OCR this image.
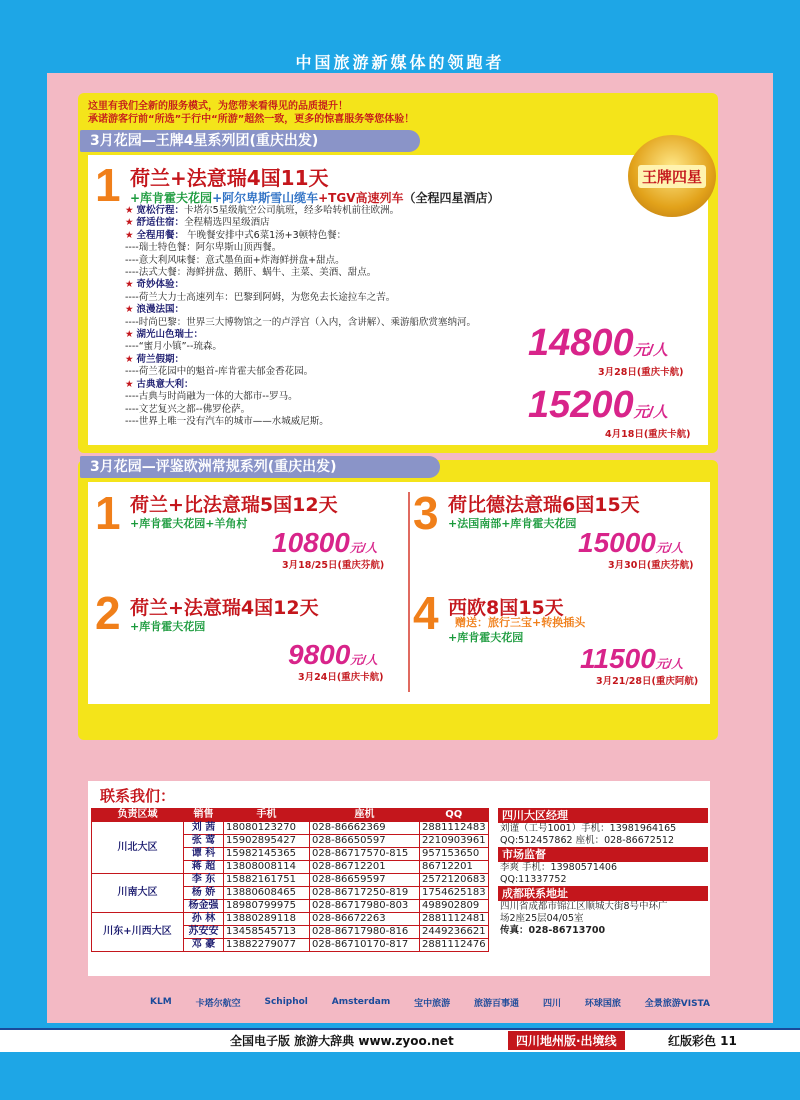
中国旅游新媒体的领跑者
这里有我们全新的服务模式，为您带来看得见的品质提升！
承诺游客行前“所选”于行中“所游”超然一致，更多的惊喜服务等您体验！
3月花园—王牌4星系列团(重庆出发)
王牌四星
1 荷兰+法意瑞4国11天
+库肯霍夫花园+阿尔卑斯雪山缆车+TGV高速列车（全程四星酒店）
★ 宽松行程：卡塔尔5星级航空公司航班，经多哈转机前往欧洲。
★ 舒适住宿：全程精选四星级酒店
★ 全程用餐： 午晚餐安排中式6菜1汤+3顿特色餐：
----瑞士特色餐：阿尔卑斯山顶西餐。
----意大利风味餐：意式墨鱼面+炸海鲜拼盘+甜点。
----法式大餐：海鲜拼盘、鹅肝、蜗牛、主菜、美酒、甜点。
★ 奇妙体验：
----荷兰大力士高速列车：巴黎到阿姆，为您免去长途拉车之苦。
★ 浪漫法国：
----时尚巴黎：世界三大博物馆之一的卢浮宫（入内，含讲解）、乘游船欣赏塞纳河。
★ 湖光山色瑞士：
----“蜜月小镇”--琉森。
★ 荷兰假期：
----荷兰花园中的魁首-库肯霍夫郁金香花园。
★ 古典意大利：
----古典与时尚融为一体的大都市--罗马。
----文艺复兴之都--佛罗伦萨。
----世界上唯一没有汽车的城市——水城威尼斯。
14800元/人
3月28日(重庆卡航)
15200元/人
4月18日(重庆卡航)
3月花园—评鉴欧洲常规系列(重庆出发)
1 荷兰+比法意瑞5国12天
+库肯霍夫花园+羊角村
10800元/人
3月18/25日(重庆芬航)
2 荷兰+法意瑞4国12天
+库肯霍夫花园
9800元/人
3月24日(重庆卡航)
3 荷比德法意瑞6国15天
+法国南部+库肯霍夫花园
15000元/人
3月30日(重庆芬航)
4 西欧8国15天
赠送：旅行三宝+转换插头
+库肯霍夫花园
11500元/人
3月21/28日(重庆阿航)
联系我们：
负责区域	销售	手机	座机	QQ
川北大区	刘 茜	18080123270	028-86662369	2881112483
	张 莺	15902895427	028-86650597	2210903961
	谭 科	15982145365	028-86717570-815	957153650
	蒋 超	13808008114	028-86712201	86712201
川南大区	李 东	15882161751	028-86659597	2572120683
	杨 娇	13880608465	028-86717250-819	1754625183
	杨金强	18980799975	028-86717980-803	498902809
川东+川西大区	孙 林	13880289118	028-86672263	2881112481
	苏安安	13458545713	028-86717980-816	2449236621
	邓 豪	13882279077	028-86710170-817	2881112476
四川大区经理
刘谨（工号1001）手机：13981964165
QQ:512457862 座机：028-86672512
市场监督
李爽 手机：13980571406
QQ:11337752
成都联系地址
四川省成都市锦江区顺城大街8号中环广
场2座25层04/05室
传真：028-86713700
KLM	卡塔尔航空	Schiphol	Amsterdam	宝中旅游	旅游百事通	四川	环球国旅	全景旅游VISTA
全国电子版 旅游大辞典 www.zyoo.net	四川地州版·出境线	红版彩色 11
